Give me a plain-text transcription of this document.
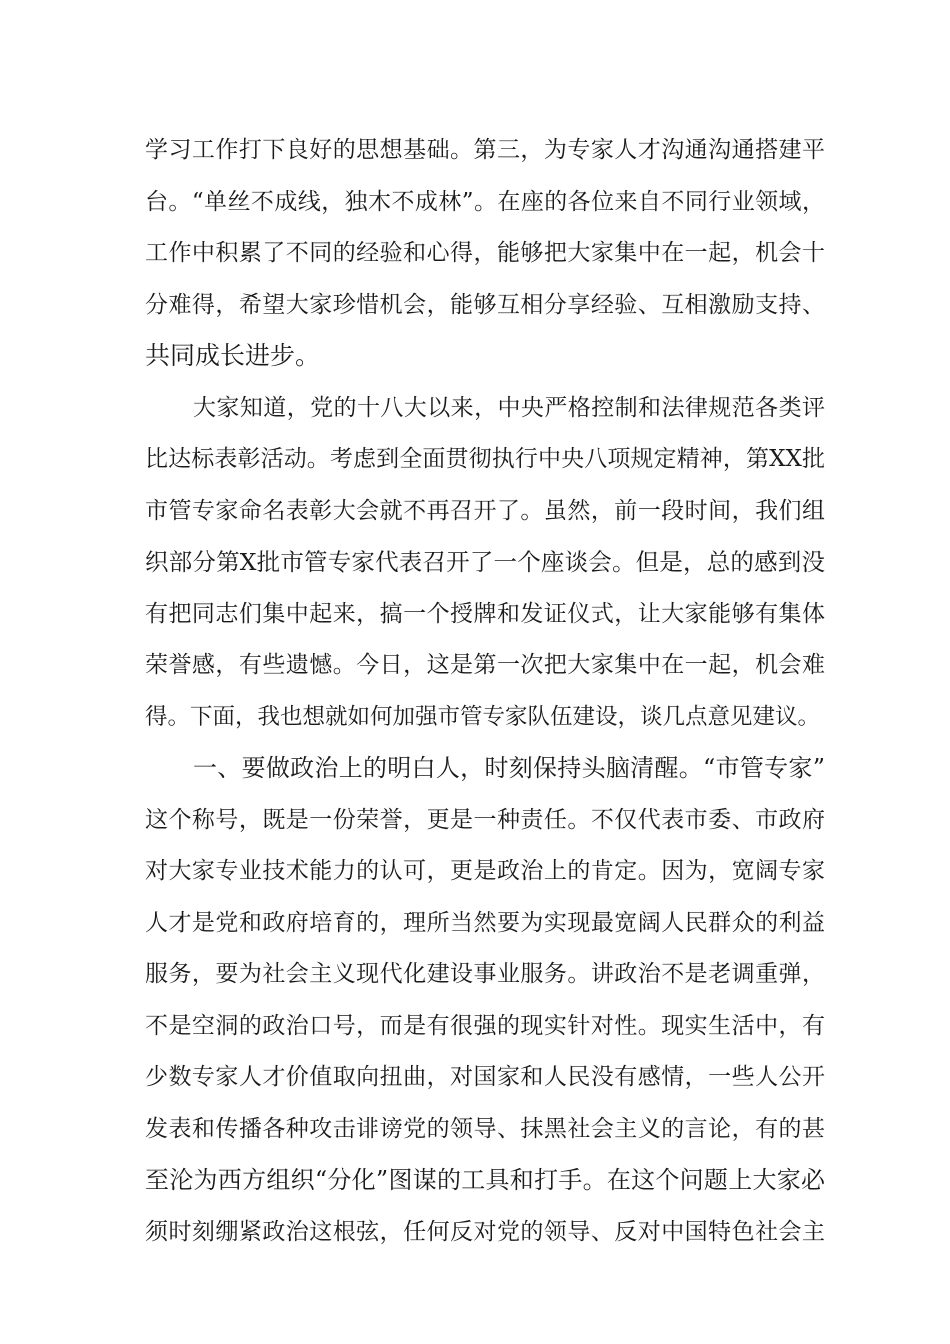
学习工作打下良好的思想基础。第三，为专家人才沟通沟通搭建平
台。“单丝不成线，独木不成林”。在座的各位来自不同行业领域，
工作中积累了不同的经验和心得，能够把大家集中在一起，机会十
分难得，希望大家珍惜机会，能够互相分享经验、互相激励支持、
共同成长进步。
大家知道，党的十八大以来，中央严格控制和法律规范各类评
比达标表彰活动。考虑到全面贯彻执行中央八项规定精神，第XX批
市管专家命名表彰大会就不再召开了。虽然，前一段时间，我们组
织部分第X批市管专家代表召开了一个座谈会。但是，总的感到没
有把同志们集中起来，搞一个授牌和发证仪式，让大家能够有集体
荣誉感，有些遗憾。今日，这是第一次把大家集中在一起，机会难
得。下面，我也想就如何加强市管专家队伍建设，谈几点意见建议。
一、要做政治上的明白人，时刻保持头脑清醒。“市管专家”
这个称号，既是一份荣誉，更是一种责任。不仅代表市委、市政府
对大家专业技术能力的认可，更是政治上的肯定。因为，宽阔专家
人才是党和政府培育的，理所当然要为实现最宽阔人民群众的利益
服务，要为社会主义现代化建设事业服务。讲政治不是老调重弹，
不是空洞的政治口号，而是有很强的现实针对性。现实生活中，有
少数专家人才价值取向扭曲，对国家和人民没有感情，一些人公开
发表和传播各种攻击诽谤党的领导、抹黑社会主义的言论，有的甚
至沦为西方组织“分化”图谋的工具和打手。在这个问题上大家必
须时刻绷紧政治这根弦，任何反对党的领导、反对中国特色社会主
